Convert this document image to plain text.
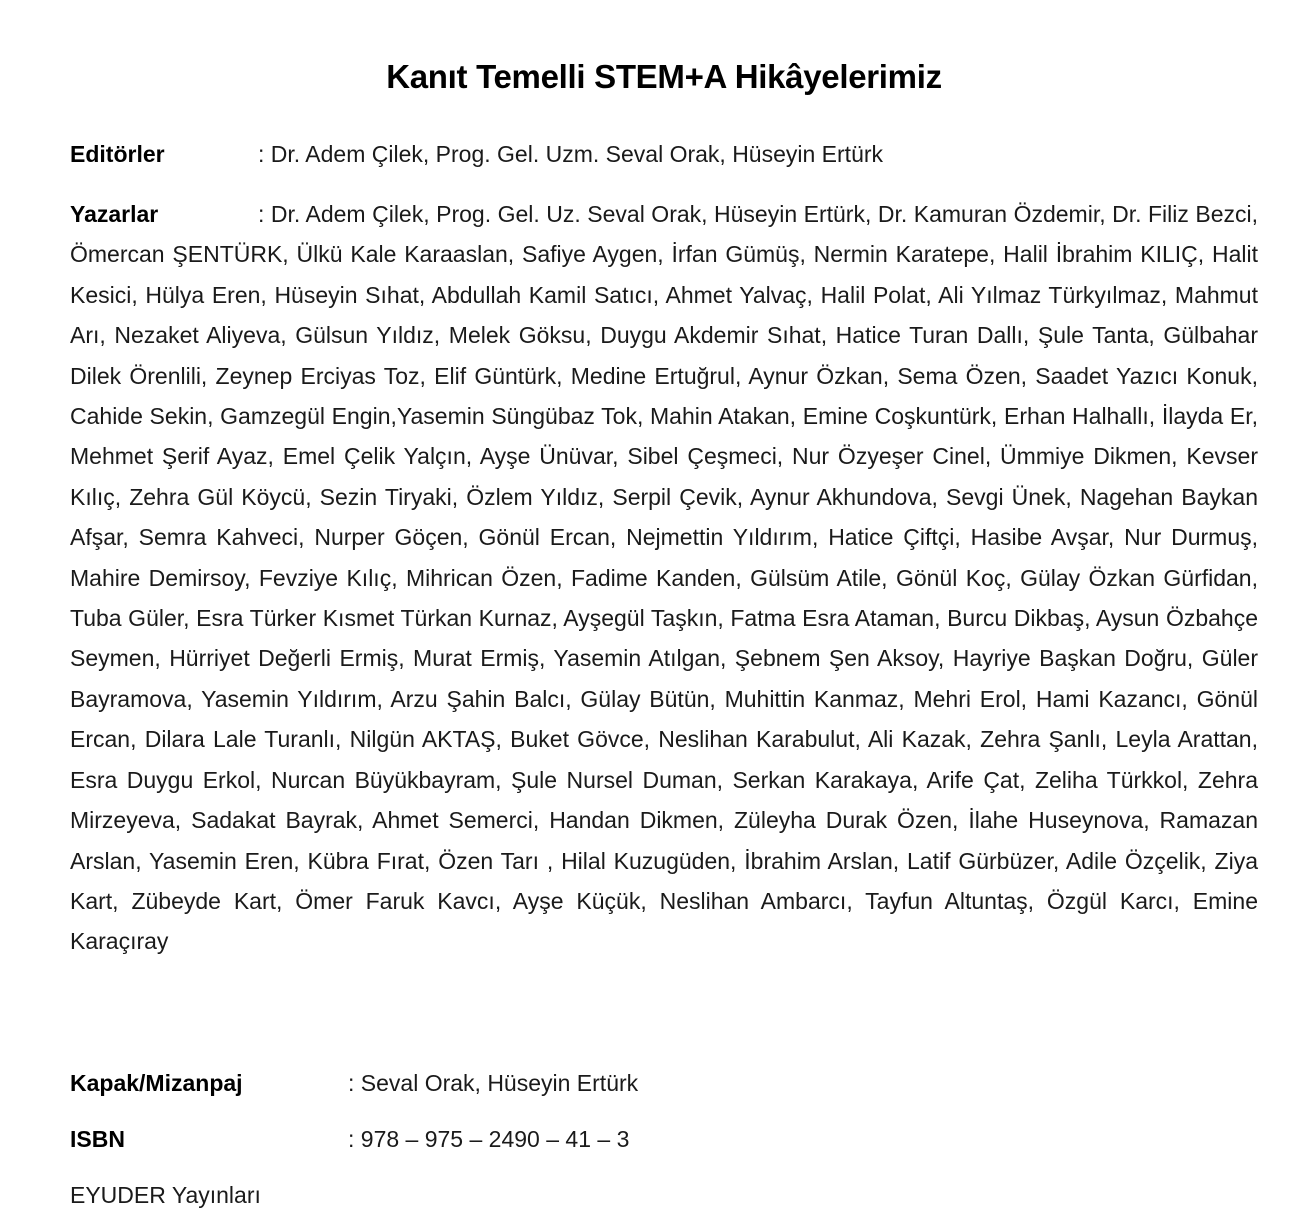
Kanıt Temelli STEM+A Hikâyelerimiz
Editörler	: Dr. Adem Çilek, Prog. Gel. Uzm. Seval Orak, Hüseyin Ertürk
Yazarlar	: Dr. Adem Çilek, Prog. Gel. Uz. Seval Orak, Hüseyin Ertürk, Dr. Kamuran Özdemir, Dr. Filiz Bezci, Ömercan ŞENTÜRK, Ülkü Kale Karaaslan, Safiye Aygen, İrfan Gümüş, Nermin Karatepe, Halil İbrahim KILIÇ, Halit Kesici, Hülya Eren, Hüseyin Sıhat, Abdullah Kamil Satıcı, Ahmet Yalvaç, Halil Polat, Ali Yılmaz Türkyılmaz, Mahmut Arı, Nezaket Aliyeva, Gülsun Yıldız, Melek Göksu, Duygu Akdemir Sıhat, Hatice Turan Dallı, Şule Tanta, Gülbahar Dilek Örenlili, Zeynep Erciyas Toz, Elif Güntürk, Medine Ertuğrul, Aynur Özkan, Sema Özen, Saadet Yazıcı Konuk, Cahide Sekin, Gamzegül Engin,Yasemin Süngübaz Tok, Mahin Atakan, Emine Coşkuntürk, Erhan Halhallı, İlayda Er, Mehmet Şerif Ayaz, Emel Çelik Yalçın, Ayşe Ünüvar, Sibel Çeşmeci, Nur Özyeşer Cinel, Ümmiye Dikmen, Kevser Kılıç, Zehra Gül Köycü, Sezin Tiryaki, Özlem Yıldız, Serpil Çevik, Aynur Akhundova, Sevgi Ünek, Nagehan Baykan Afşar, Semra Kahveci, Nurper Göçen, Gönül Ercan, Nejmettin Yıldırım, Hatice Çiftçi, Hasibe Avşar, Nur Durmuş, Mahire Demirsoy, Fevziye Kılıç, Mihrican Özen, Fadime Kanden, Gülsüm Atile, Gönül Koç, Gülay Özkan Gürfidan, Tuba Güler, Esra Türker Kısmet Türkan Kurnaz, Ayşegül Taşkın, Fatma Esra Ataman, Burcu Dikbaş, Aysun Özbahçe Seymen, Hürriyet Değerli Ermiş, Murat Ermiş, Yasemin Atılgan, Şebnem Şen Aksoy, Hayriye Başkan Doğru, Güler Bayramova, Yasemin Yıldırım, Arzu Şahin Balcı, Gülay Bütün, Muhittin Kanmaz, Mehri Erol, Hami Kazancı, Gönül Ercan, Dilara Lale Turanlı, Nilgün AKTAŞ, Buket Gövce, Neslihan Karabulut, Ali Kazak, Zehra Şanlı, Leyla Arattan, Esra Duygu Erkol, Nurcan Büyükbayram, Şule Nursel Duman, Serkan Karakaya, Arife Çat, Zeliha Türkkol, Zehra Mirzeyeva, Sadakat Bayrak, Ahmet Semerci, Handan Dikmen, Züleyha Durak Özen, İlahe Huseynova, Ramazan Arslan, Yasemin Eren, Kübra Fırat, Özen Tarı , Hilal Kuzugüden, İbrahim Arslan, Latif Gürbüzer, Adile Özçelik, Ziya Kart, Zübeyde Kart, Ömer Faruk Kavcı, Ayşe Küçük, Neslihan Ambarcı, Tayfun Altuntaş, Özgül Karcı, Emine Karaçıray
Kapak/Mizanpaj	: Seval Orak, Hüseyin Ertürk
ISBN	: 978 – 975 – 2490 – 41 – 3
EYUDER Yayınları
